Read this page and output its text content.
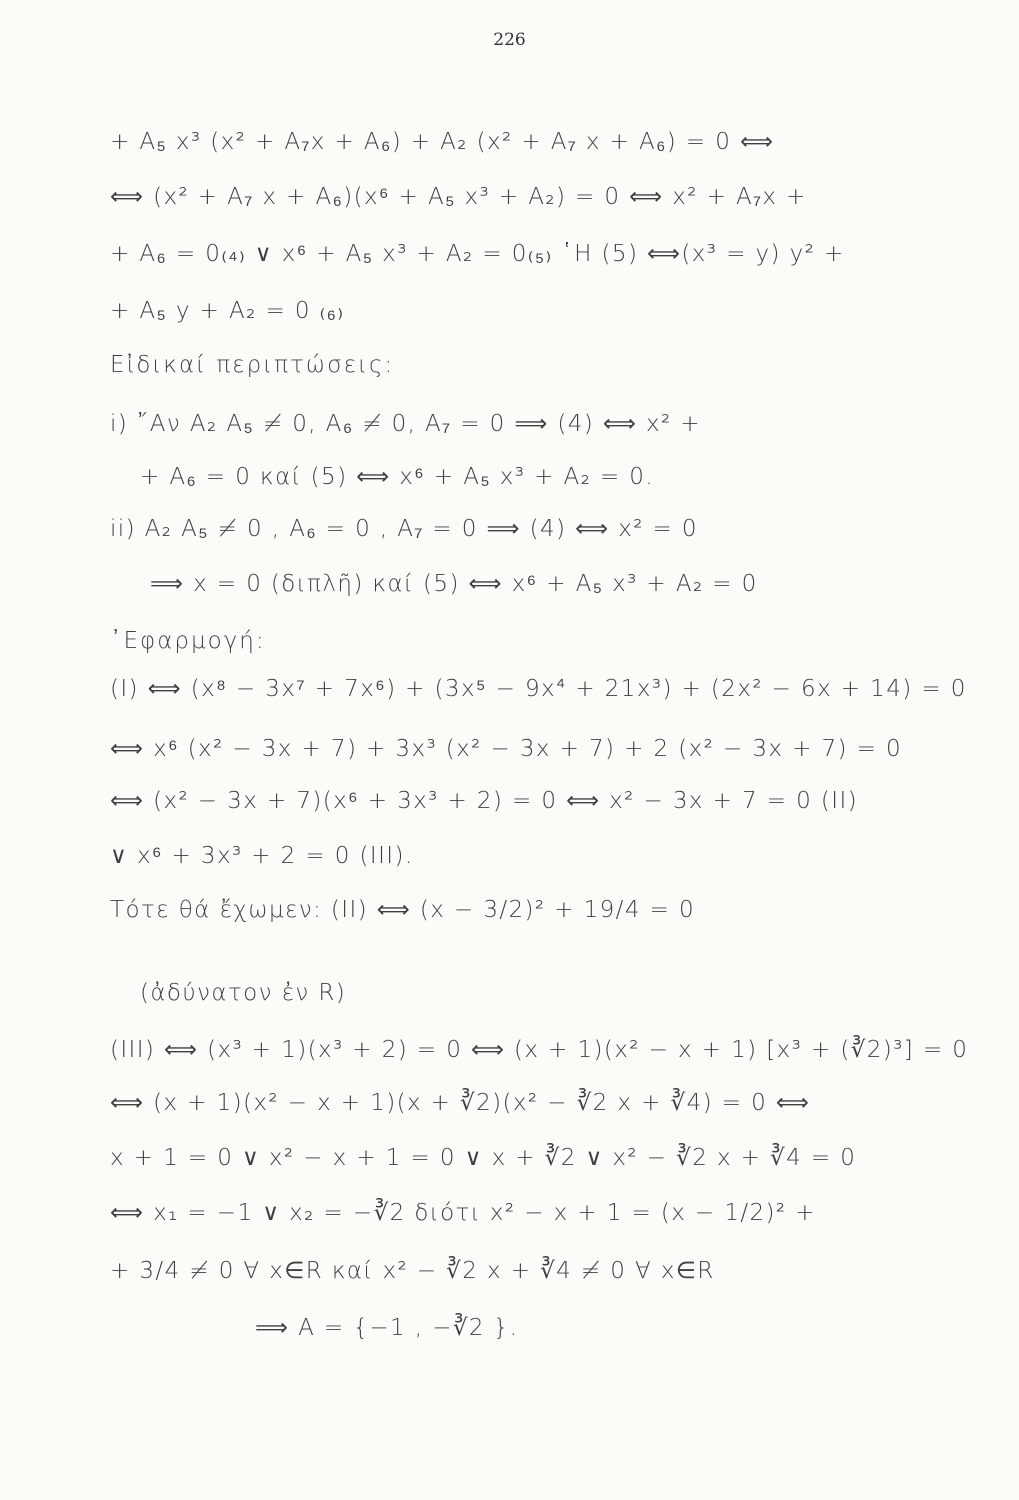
226
+ A₅ x³ (x² + A₇x + A₆) + A₂ (x² + A₇ x + A₆) = 0 ⟺
⟺ (x² + A₇ x + A₆)(x⁶ + A₅ x³ + A₂) = 0 ⟺ x² + A₇x +
+ A₆ = 0₍₄₎ ∨ x⁶ + A₅ x³ + A₂ = 0₍₅₎ ῾Η (5) ⟺(x³ = y) y² +
+ A₅ y + A₂ = 0 ₍₆₎
Εἰδικαί περιπτώσεις:
i) ῎Αν A₂ A₅ ≠ 0, A₆ ≠ 0, A₇ = 0 ⟹ (4) ⟺ x² +
+ A₆ = 0 καί (5) ⟺ x⁶ + A₅ x³ + A₂ = 0.
ii) A₂ A₅ ≠ 0 , A₆ = 0 , A₇ = 0 ⟹ (4) ⟺ x² = 0
⟹ x = 0 (διπλῆ) καί (5) ⟺ x⁶ + A₅ x³ + A₂ = 0
᾿Εφαρμογή:
(I) ⟺ (x⁸ − 3x⁷ + 7x⁶) + (3x⁵ − 9x⁴ + 21x³) + (2x² − 6x + 14) = 0
⟺ x⁶ (x² − 3x + 7) + 3x³ (x² − 3x + 7) + 2 (x² − 3x + 7) = 0
⟺ (x² − 3x + 7)(x⁶ + 3x³ + 2) = 0 ⟺ x² − 3x + 7 = 0 (II)
∨ x⁶ + 3x³ + 2 = 0 (III).
Τότε θά ἔχωμεν: (II) ⟺ (x − 3/2)² + 19/4 = 0
(ἀδύνατον ἐν R)
(III) ⟺ (x³ + 1)(x³ + 2) = 0 ⟺ (x + 1)(x² − x + 1) [x³ + (∛2)³] = 0
⟺ (x + 1)(x² − x + 1)(x + ∛2)(x² − ∛2 x + ∛4) = 0 ⟺
x + 1 = 0 ∨ x² − x + 1 = 0 ∨ x + ∛2 ∨ x² − ∛2 x + ∛4 = 0
⟺ x₁ = −1 ∨ x₂ = −∛2 διότι x² − x + 1 = (x − 1/2)² +
+ 3/4 ≠ 0 ∀ x∈R καί x² − ∛2 x + ∛4 ≠ 0 ∀ x∈R
⟹ A = {−1 , −∛2 }.
